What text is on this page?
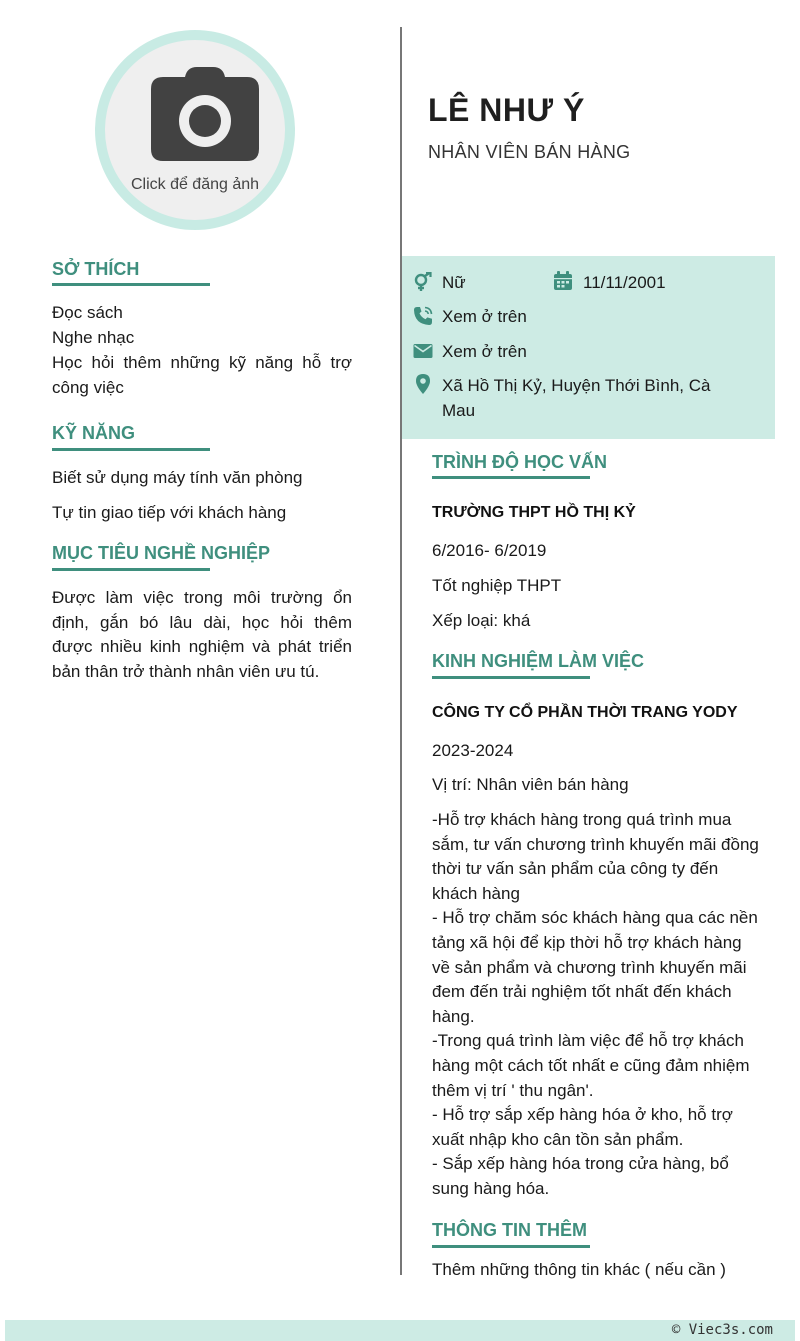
Click để đăng ảnh
SỞ THÍCH
Đọc sách
Nghe nhạc
Học hỏi thêm những kỹ năng hỗ trợ công việc
KỸ NĂNG
Biết sử dụng máy tính văn phòng
Tự tin giao tiếp với khách hàng
MỤC TIÊU NGHỀ NGHIỆP
Được làm việc trong môi trường ổn định, gắn bó lâu dài, học hỏi thêm được nhiều kinh nghiệm và phát triển bản thân trở thành nhân viên ưu tú.
LÊ NHƯ Ý
NHÂN VIÊN BÁN HÀNG
Nữ	11/11/2001
Xem ở trên
Xem ở trên
Xã Hồ Thị Kỷ, Huyện Thới Bình, Cà
Mau
TRÌNH ĐỘ HỌC VẤN
TRƯỜNG THPT HỒ THỊ KỶ
6/2016- 6/2019
Tốt nghiệp THPT
Xếp loại: khá
KINH NGHIỆM LÀM VIỆC
CÔNG TY CỔ PHẦN THỜI TRANG YODY
2023-2024
Vị trí: Nhân viên bán hàng
-Hỗ trợ khách hàng trong quá trình mua sắm, tư vấn chương trình khuyến mãi đồng thời tư vấn sản phẩm của công ty đến khách hàng
- Hỗ trợ chăm sóc khách hàng qua các nền tảng xã hội để kịp thời hỗ trợ khách hàng về sản phẩm và chương trình khuyến mãi đem đến trải nghiệm tốt nhất đến khách hàng.
-Trong quá trình làm việc để hỗ trợ khách hàng một cách tốt nhất e cũng đảm nhiệm thêm vị trí ' thu ngân'.
- Hỗ trợ sắp xếp hàng hóa ở kho, hỗ trợ xuất nhập kho cân tồn sản phẩm.
- Sắp xếp hàng hóa trong cửa hàng, bổ sung hàng hóa.
THÔNG TIN THÊM
Thêm những thông tin khác ( nếu cần )
© Viec3s.com
